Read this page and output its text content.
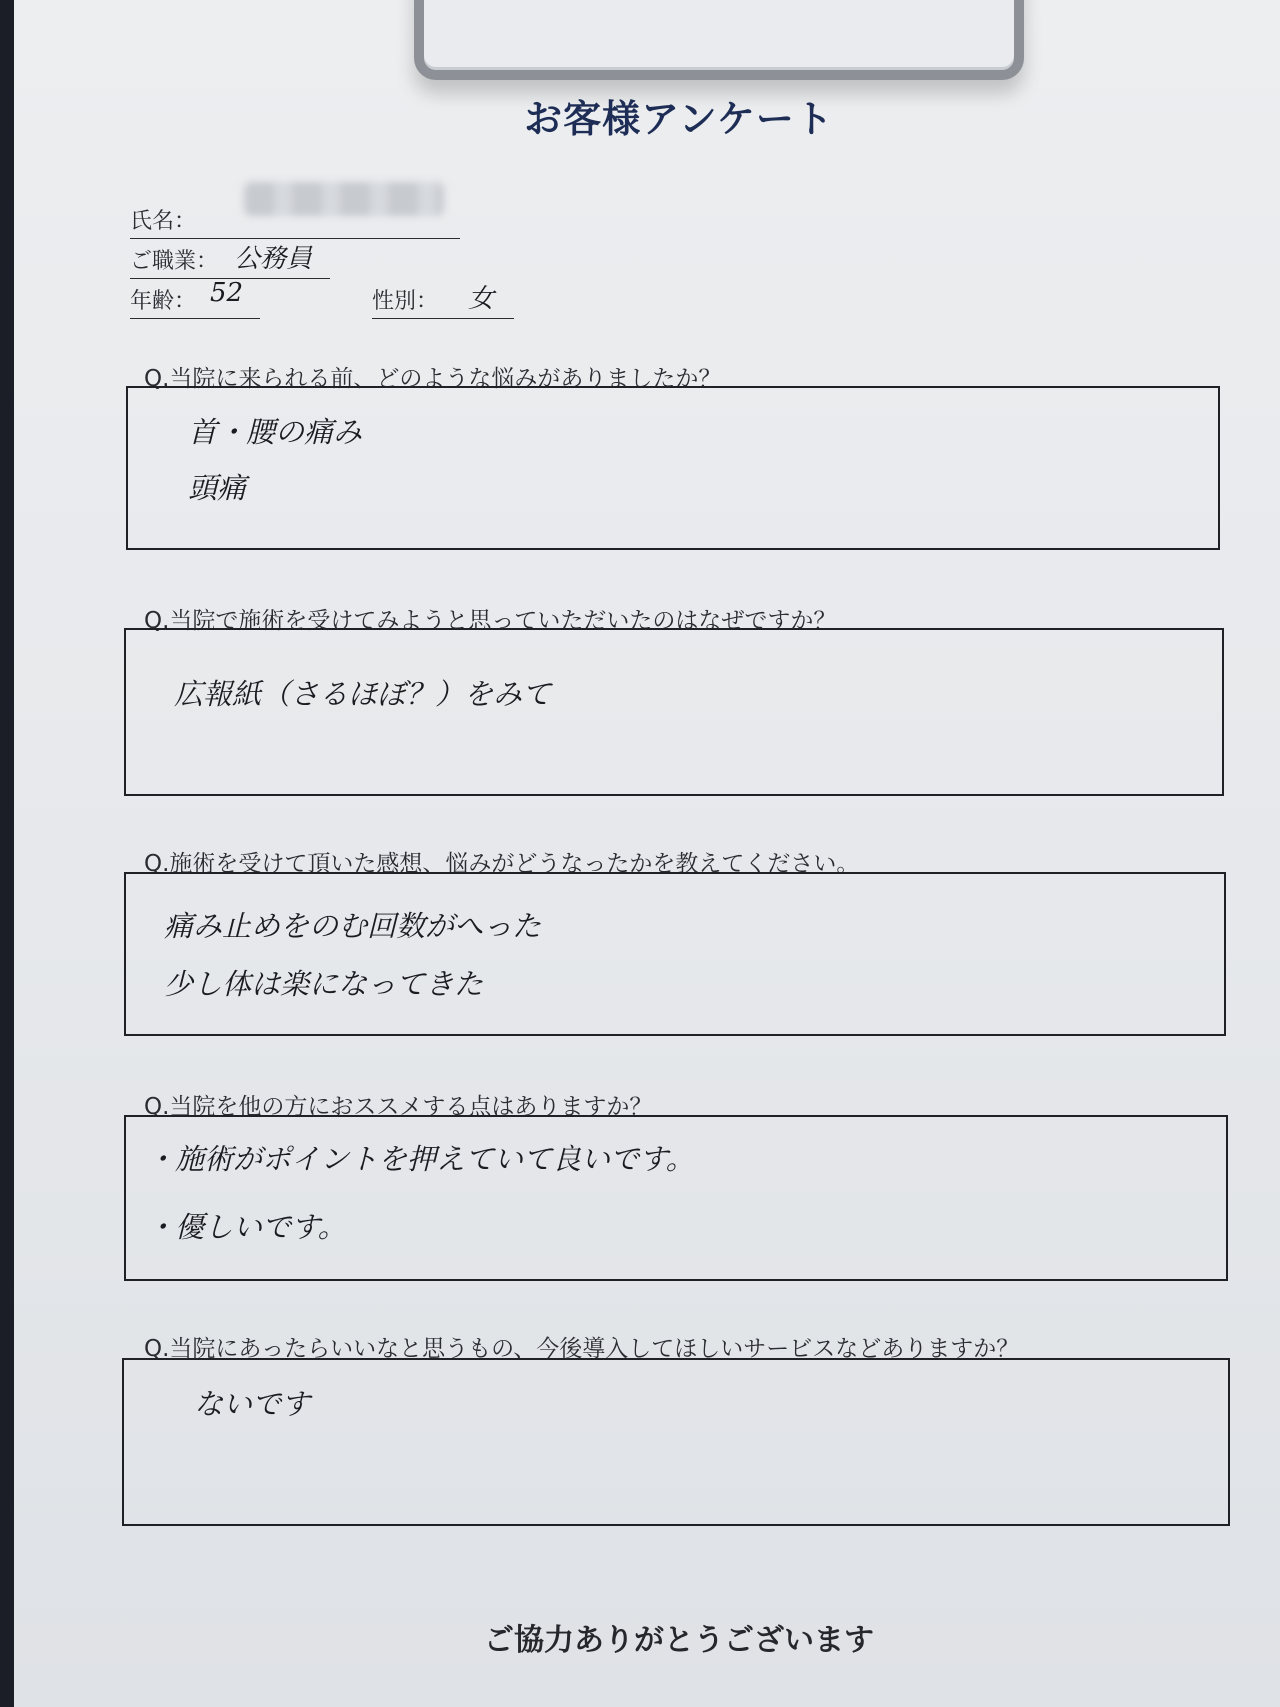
お客様アンケート
氏名：
ご職業： 公務員
年齢： 52	性別： 女
Q.当院に来られる前、どのような悩みがありましたか？
首・腰の痛み
頭痛
Q.当院で施術を受けてみようと思っていただいたのはなぜですか？
広報紙（さるほぼ？）をみて
Q.施術を受けて頂いた感想、悩みがどうなったかを教えてください。
痛み止めをのむ回数がへった
少し体は楽になってきた
Q.当院を他の方におススメする点はありますか？
・施術がポイントを押えていて良いです。
・優しいです。
Q.当院にあったらいいなと思うもの、今後導入してほしいサービスなどありますか？
ないです
ご協力ありがとうございます
